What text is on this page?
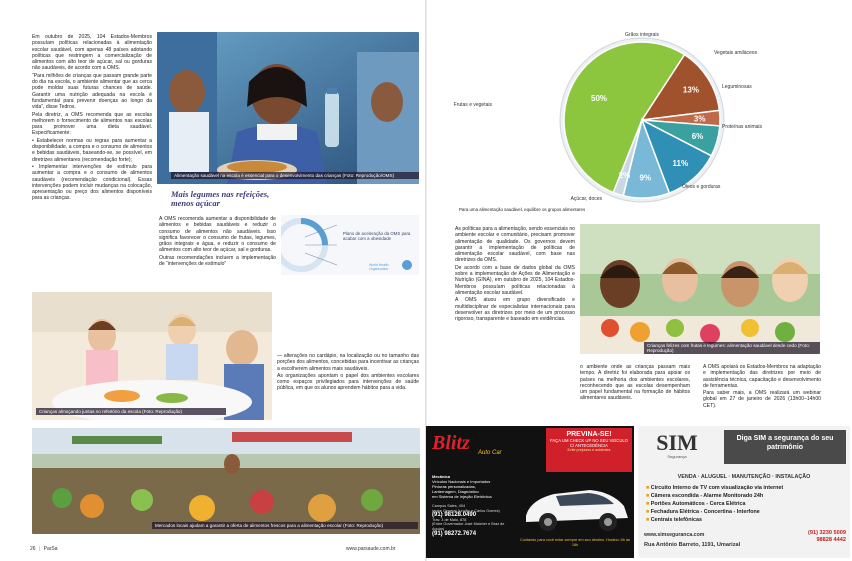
Em outubro de 2025, 104 Estados-Membros possuíam políticas relacionadas à alimentação escolar saudável, com apenas 48 países adotando políticas que restringem a comercialização de alimentos com alto teor de açúcar, sal ou gorduras não saudáveis, de acordo com a OMS.

“Para milhões de crianças que passam grande parte do dia na escola, o ambiente alimentar que as cerca pode moldar suas futuras chances de saúde. Garantir uma nutrição adequada na escola é fundamental para prevenir doenças ao longo da vida”, disse Tedros.

Pela diretriz, a OMS recomenda que as escolas melhorem o fornecimento de alimentos nas escolas para promover uma dieta saudável. Especificamente:

• Estabelecer normas ou regras para aumentar a disponibilidade, a compra e o consumo de alimentos e bebidas saudáveis, baseando-se, se possível, em diretrizes alimentares (recomendação forte);

• Implementar intervenções de estímulo para aumentar a compra e o consumo de alimentos saudáveis (recomendação condicional). Essas intervenções podem incluir mudanças na colocação, apresentação ou preço dos alimentos disponíveis para as crianças.

Alimentação saudável na escola é essencial para o desenvolvimento das crianças (Foto: Reprodução/OMS)
Mais legumes nas refeições, menos açúcar

A OMS recomenda aumentar a disponibilidade de alimentos e bebidas saudáveis e reduzir o consumo de alimentos não saudáveis. Isso significa favorecer o consumo de frutas, legumes, grãos integrais e água, e reduzir o consumo de alimentos com alto teor de açúcar, sal e gorduras.

Outras recomendações incluem a implementação de “intervenções de estímulo”

Plano de aceleração da OMS para acabar com a obesidade
World Health Organization
Crianças almoçando juntas no refeitório da escola (Foto: Reprodução)

— alterações no cardápio, na localização ou no tamanho das porções dos alimentos, concebidas para incentivar as crianças a escolherem alimentos mais saudáveis.

As organizações apontam o papel dos ambientes escolares como espaços privilegiados para intervenções de saúde pública, em que os alunos aprendem hábitos para a vida.

Mercados locais ajudam a garantir a oferta de alimentos frescos para a alimentação escolar (Foto: Reprodução)
26 | ParSa	www.parsaude.com.br
50%
Frutas e vegetais
13%
Grãos integrais
3%
Vegetais amiláceos
6%
Leguminosas
11%
Proteínas animais
9%
Óleos e gorduras
2%
Açúcar, doces
Para uma alimentação saudável, equilibre os grupos alimentares

As políticas para a alimentação, sendo essenciais no ambiente escolar e comunitário, precisam promover alimentação de qualidade. Os governos devem garantir a implementação de políticas de alimentação escolar saudável, com base nas diretrizes da OMS.

De acordo com a base de dados global da OMS sobre a implementação de Ações de Alimentação e Nutrição (GINA), em outubro de 2025, 104 Estados-Membros possuíam políticas relacionadas à alimentação escolar saudável.

A OMS atuou em grupo diversificado e multidisciplinar de especialistas internacionais para desenvolver as diretrizes por meio de um processo rigoroso, transparente e baseado em evidências.

Crianças felizes com frutas e legumes: alimentação saudável desde cedo (Foto: Reprodução)

o ambiente onde as crianças passam mais tempo. A diretriz foi elaborada para apoiar os países na melhoria dos ambientes escolares, reconhecendo que as escolas desempenham um papel fundamental na formação de hábitos alimentares saudáveis.

A OMS apoiará os Estados-Membros na adaptação e implementação das diretrizes por meio de assistência técnica, capacitação e desenvolvimento de ferramentas.

Para saber mais, a OMS realizará um webinar global em 27 de janeiro de 2026 (13h00–14h00 CET).

PREVINA-SE!
FAÇA UM CHECK UP NO SEU VEÍCULO C/ ANTECEDÊNCIA
Evite prejuízos e acidentes
Blitz Auto Car
Mecânica
Veículos Nacionais e Importados
Pinturas personalizadas,
Lanternagem, Diagnóstico
em Sistema de Injeção Eletrônica
Campos Sales, 404
(entre General Jurujão e Carlos Gomes)
(91) 98128.0490
Trav. 3 de Maio, 878
(Entre Governador José Malcher e Braz de Aguiar)
(91) 98272.7674
Cuidando para você estar sempre em seu destino. Horário: 8h às 18h
SIM
Segurança
Diga SIM a segurança do seu patrimônio
VENDA · ALUGUEL · MANUTENÇÃO · INSTALAÇÃO
■ Circuito Interno de TV com visualização via internet
■ Câmera escondida - Alarme Monitorado 24h
■ Portões Automáticos - Cerca Elétrica
■ Fechadura Elétrica - Concertina - Interfone
■ Centrais telefônicas
www.simseguranca.com
Rua Antônio Barreto, 1191, Umarizal
(91) 3230 5009
98828 4442
